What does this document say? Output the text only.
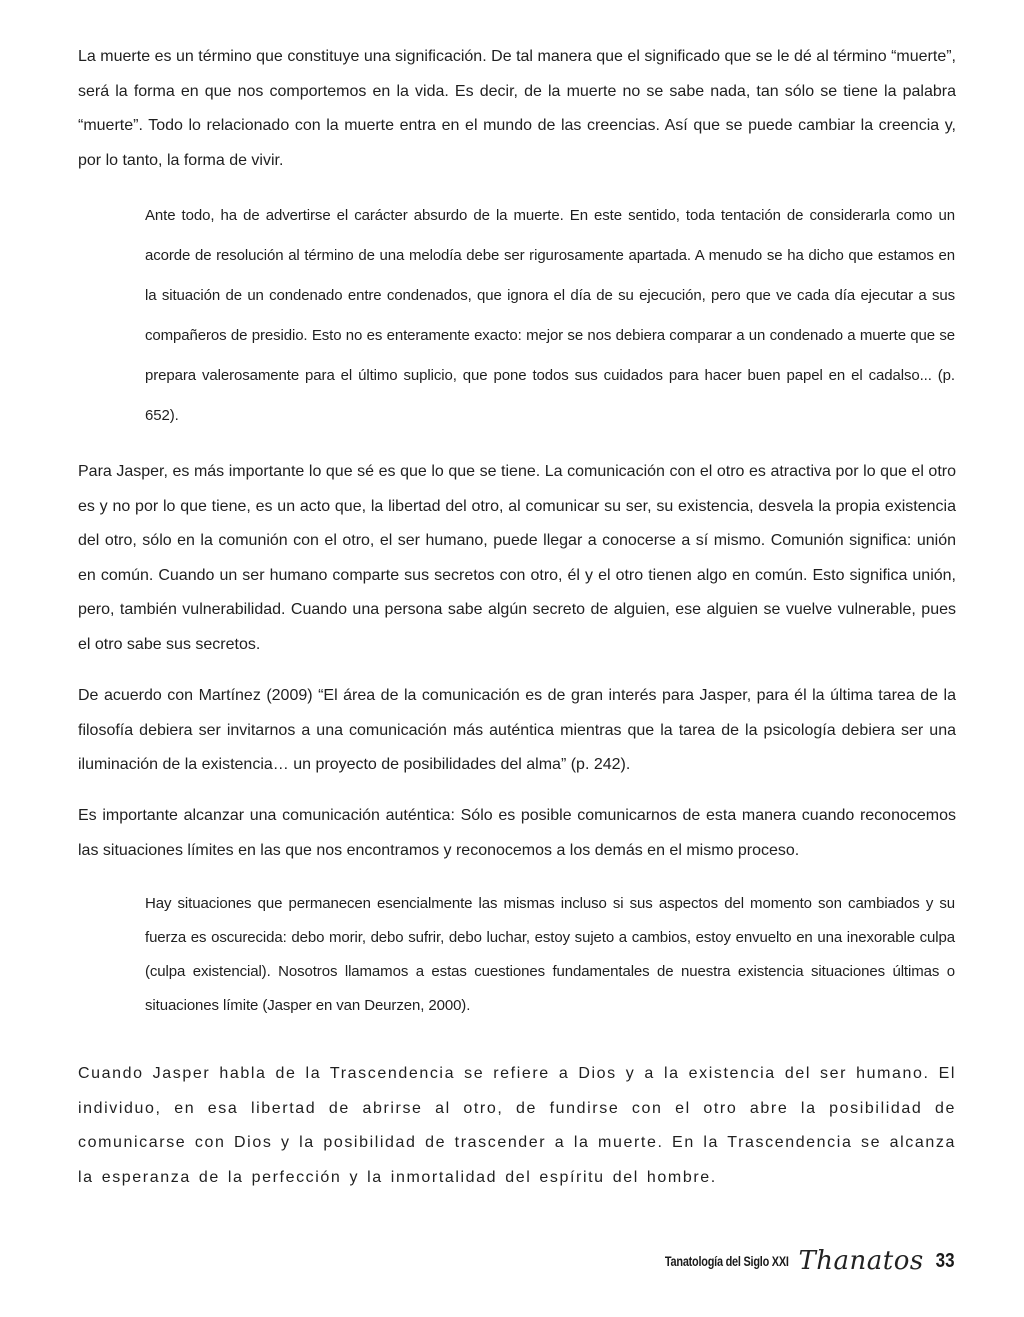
La muerte es un término que constituye una significación. De tal manera que el significado que se le dé al término “muerte”, será la forma en que nos comportemos en la vida. Es decir, de la muerte no se sabe nada, tan sólo se tiene la palabra “muerte”. Todo lo relacionado con la muerte entra en el mundo de las creencias. Así que se puede cambiar la creencia y, por lo tanto, la forma de vivir.

Ante todo, ha de advertirse el carácter absurdo de la muerte. En este sentido, toda tentación de considerarla como un acorde de resolución al término de una melodía debe ser rigurosamente apartada. A menudo se ha dicho que estamos en la situación de un condenado entre condenados, que ignora el día de su ejecución, pero que ve cada día ejecutar a sus compañeros de presidio. Esto no es enteramente exacto: mejor se nos debiera comparar a un condenado a muerte que se prepara valerosamente para el último suplicio, que pone todos sus cuidados para hacer buen papel en el cadalso... (p. 652).

Para Jasper, es más importante lo que sé es que lo que se tiene. La comunicación con el otro es atractiva por lo que el otro es y no por lo que tiene, es un acto que, la libertad del otro, al comunicar su ser, su existencia, desvela la propia existencia del otro, sólo en la comunión con el otro, el ser humano, puede llegar a conocerse a sí mismo. Comunión significa: unión en común. Cuando un ser humano comparte sus secretos con otro, él y el otro tienen algo en común. Esto significa unión, pero, también vulnerabilidad. Cuando una persona sabe algún secreto de alguien, ese alguien se vuelve vulnerable, pues el otro sabe sus secretos.

De acuerdo con Martínez (2009) “El área de la comunicación es de gran interés para Jasper, para él la última tarea de la filosofía debiera ser invitarnos a una comunicación más auténtica mientras que la tarea de la psicología debiera ser una iluminación de la existencia… un proyecto de posibilidades del alma” (p. 242).

Es importante alcanzar una comunicación auténtica: Sólo es posible comunicarnos de esta manera cuando reconocemos las situaciones límites en las que nos encontramos y reconocemos a los demás en el mismo proceso.

Hay situaciones que permanecen esencialmente las mismas incluso si sus aspectos del momento son cambiados y su fuerza es oscurecida: debo morir, debo sufrir, debo luchar, estoy sujeto a cambios, estoy envuelto en una inexorable culpa (culpa existencial). Nosotros llamamos a estas cuestiones fundamentales de nuestra existencia situaciones últimas o situaciones límite (Jasper en van Deurzen, 2000).

Cuando Jasper habla de la Trascendencia se refiere a Dios y a la existencia del ser humano. El individuo, en esa libertad de abrirse al otro, de fundirse con el otro abre la posibilidad de comunicarse con Dios y la posibilidad de trascender a la muerte. En la Trascendencia se alcanza la esperanza de la perfección y la inmortalidad del espíritu del hombre.

Tanatología del Siglo XXI Thanatos 33
